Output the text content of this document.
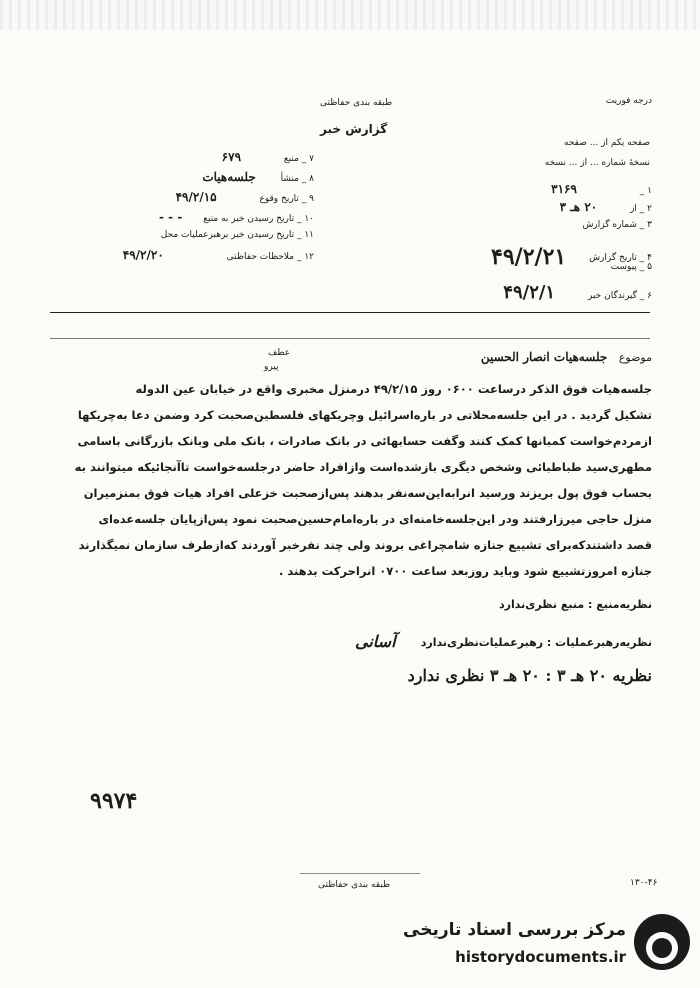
درجه فوریت
طبقه بندی حفاظتی
گزارش خبر
صفحه یکم از ... صفحه
نسخهٔ شماره ... از ... نسخه
۷ _ منبع ۶۷۹
۸ _ منشأ جلسه‌هیات
۹ _ تاریخ وقوع ۴۹/۲/۱۵
۱۰ _ تاریخ رسیدن خبر به منبع - - -
۱۱ _ تاریخ رسیدن خبر برهبرعملیات محل
۱۲ _ ملاحظات حفاظتی ۴۹/۲/۲۰
۱ _ ۳۱۶۹
۲ _ از ۲۰ هـ ۳
۳ _ شماره گزارش
۴ _ تاریخ گزارش ۴۹/۲/۲۱	۵ _ پیوست
۶ _ گیرندگان خبر ۴۹/۲/۱
عطف
پیرو
موضوع جلسه‌هیات انصار الحسین
جلسه‌هیات فوق الذکر درساعت ۰۶۰۰ روز ۴۹/۲/۱۵ درمنزل مخبری واقع در خیابان عین الدوله
تشکیل گردید . در این جلسه‌محلاتی در باره‌اسرائیل وچریکهای فلسطین‌صحبت کرد وضمن دعا به‌چریکها
ازمردم‌خواست کمبانها کمک کنند وگفت حسابهائی در بانک صادرات ، بانک ملی وبانک بازرگانی باسامی
مطهری‌سید طباطبائی وشخص دیگری بازشده‌است وازافراد حاضر درجلسه‌خواست تاآنجائیکه میتوانند به
بحساب فوق پول بریزند ورسید انرابه‌این‌سه‌نفر بدهند پس‌ازصحبت خزعلی افراد هیات فوق بمنزمیران
منزل حاجی میرزارفتند ودر این‌جلسه‌خامنه‌ای در باره‌امام‌حسین‌صحبت نمود پس‌ازپایان جلسه‌عده‌ای
قصد داشتندکه‌برای تشییع جنازه شامچراغی بروند ولی چند نفرخبر آوردند که‌ازطرف سازمان نمیگذارند
جنازه امروزتشییع شود وباید روزبعد ساعت ۰۷۰۰ انراحرکت بدهند .
نظریه‌منبع : منبع نظری‌ندارد
نظریه‌رهبرعملیات : رهبرعملیات‌نظری‌ندارد
آسانی
نظریه ۲۰ هـ ۳ : ۲۰ هـ ۳ نظری ندارد
۹۹۷۴
۱۳۰-۴۶
طبقه بندی حفاظتی
مرکز بررسی اسناد تاریخی
historydocuments.ir
